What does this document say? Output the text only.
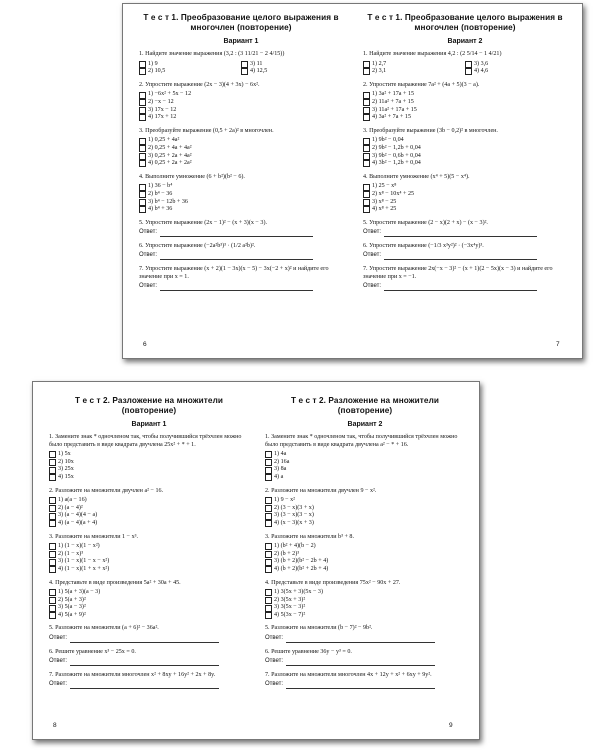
Т е с т 1. Преобразование целого выражения в многочлен (повторение)
Вариант 1
1. Найдите значение выражения (3,2 : (3 11/21 − 2 4/15))
1) 9	3) 11
2) 10,5	4) 12,5
2. Упростите выражение (2x − 3)(4 + 3x) − 6x².
1) −6x² + 5x − 12
2) −x − 12
3) 17x − 12
4) 17x + 12
3. Преобразуйте выражение (0,5 + 2a)² в многочлен.
1) 0,25 + 4a²
2) 0,25 + 4a + 4a²
3) 0,25 + 2a + 4a²
4) 0,25 + 2a + 2a²
4. Выполните умножение (6 + b²)(b² − 6).
1) 36 − b⁴
2) b⁴ − 36
3) b⁴ − 12b + 36
4) b⁴ + 36
5. Упростите выражение (2x − 1)² − (x + 3)(x − 3).
Ответ:
6. Упростите выражение (−2a²b³)³ · (1/2 a²b)².
Ответ:
7. Упростите выражение (x + 2)(1 − 3x)(x − 5) − 3x(−2 + x)² и найдите его значение при x = 1.
Ответ:
Т е с т 1. Преобразование целого выражения в многочлен (повторение)
Вариант 2
1. Найдите значение выражения 4,2 : (2 5/14 − 1 4/21)
1) 2,7	3) 3,6
2) 3,1	4) 4,6
2. Упростите выражение 7a² + (4a + 5)(3 − a).
1) 3a² + 17a + 15
2) 11a² + 7a + 15
3) 11a² + 17a + 15
4) 3a² + 7a + 15
3. Преобразуйте выражение (3b − 0,2)² в многочлен.
1) 9b² − 0,04
2) 9b² − 1,2b + 0,04
3) 9b² − 0,6b + 0,04
4) 3b² − 1,2b + 0,04
4. Выполните умножение (x⁴ + 5)(5 − x⁴).
1) 25 − x⁸
2) x⁸ − 10x⁴ + 25
3) x⁸ − 25
4) x⁸ + 25
5. Упростите выражение (2 − x)(2 + x) − (x − 3)².
Ответ:
6. Упростите выражение (−1/3 x³y²)² · (−3x⁴y)³.
Ответ:
7. Упростите выражение 2x(−x − 3)² − (x + 1)(2 − 5x)(x − 3) и найдите его значение при x = −1.
Ответ:
6	7
Т е с т 2. Разложение на множители (повторение)
Вариант 1
1. Замените знак * одночленом так, чтобы получившийся трёхчлен можно было представить в виде квадрата двучлена 25x² + * + 1.
1) 5x
2) 10x
3) 25x
4) 15x
2. Разложите на множители двучлен a² − 16.
1) a(a − 16)
2) (a − 4)²
3) (a − 4)(4 − a)
4) (a − 4)(a + 4)
3. Разложите на множители 1 − x³.
1) (1 − x)(1 − x²)
2) (1 − x)³
3) (1 − x)(1 − x − x²)
4) (1 − x)(1 + x + x²)
4. Представьте в виде произведения 5a² + 30a + 45.
1) 5(a + 3)(a − 3)
2) 5(a + 3)²
3) 5(a − 3)²
4) 5(a + 9)²
5. Разложите на множители (a + 6)² − 36a².
Ответ:
6. Решите уравнение x³ − 25x = 0.
Ответ:
7. Разложите на множители многочлен x² + 8xy + 16y² + 2x + 8y.
Ответ:
Т е с т 2. Разложение на множители (повторение)
Вариант 2
1. Замените знак * одночленом так, чтобы получившийся трёхчлен можно было представить в виде квадрата двучлена a² − * + 16.
1) 4a
2) 16a
3) 8a
4) a
2. Разложите на множители двучлен 9 − x².
1) 9 − x²
2) (3 − x)(3 + x)
3) (3 − x)(3 − x)
4) (x − 3)(x + 3)
3. Разложите на множители b³ + 8.
1) (b² + 4)(b − 2)
2) (b + 2)³
3) (b + 2)(b² − 2b + 4)
4) (b + 2)(b² + 2b + 4)
4. Представьте в виде произведения 75x² − 90x + 27.
1) 3(5x + 3)(5x − 3)
2) 3(5x + 3)²
3) 3(5x − 3)²
4) 5(3x − 7)²
5. Разложите на множители (b − 7)² − 9b².
Ответ:
6. Решите уравнение 36y − y³ = 0.
Ответ:
7. Разложите на множители многочлен 4x + 12y + x² + 6xy + 9y².
Ответ:
8	9
